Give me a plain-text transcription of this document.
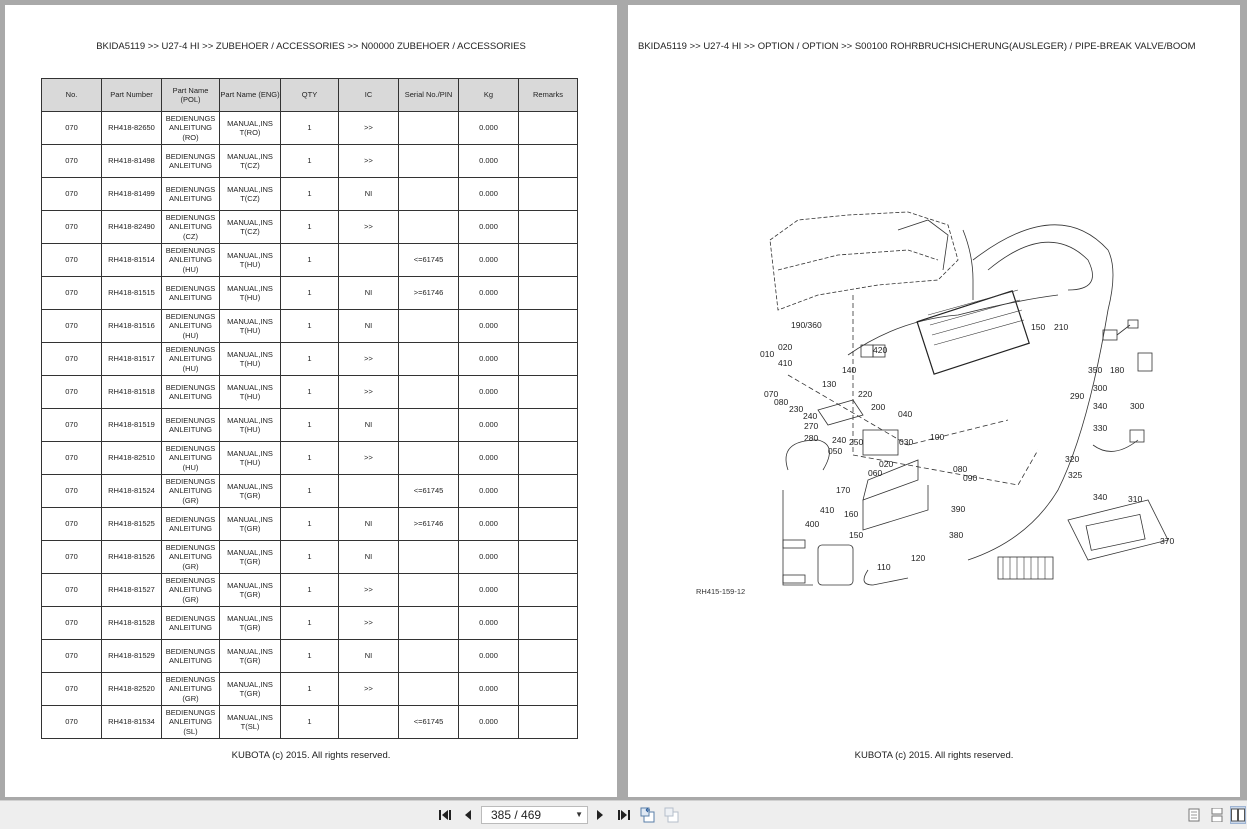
BKIDA5119 >> U27-4 HI >> ZUBEHOER / ACCESSORIES >> N00000 ZUBEHOER / ACCESSORIES
No.	Part Number	Part Name (POL)	Part Name (ENG)	QTY	IC	Serial No./PIN	Kg	Remarks
070	RH418-82650	BEDIENUNGS ANLEITUNG (RO)	MANUAL,INS T(RO)	1	>>		0.000	
070	RH418-81498	BEDIENUNGS ANLEITUNG	MANUAL,INS T(CZ)	1	>>		0.000	
070	RH418-81499	BEDIENUNGS ANLEITUNG	MANUAL,INS T(CZ)	1	NI		0.000	
070	RH418-82490	BEDIENUNGS ANLEITUNG (CZ)	MANUAL,INS T(CZ)	1	>>		0.000	
070	RH418-81514	BEDIENUNGS ANLEITUNG (HU)	MANUAL,INS T(HU)	1		<=61745	0.000	
070	RH418-81515	BEDIENUNGS ANLEITUNG	MANUAL,INS T(HU)	1	NI	>=61746	0.000	
070	RH418-81516	BEDIENUNGS ANLEITUNG (HU)	MANUAL,INS T(HU)	1	NI		0.000	
070	RH418-81517	BEDIENUNGS ANLEITUNG (HU)	MANUAL,INS T(HU)	1	>>		0.000	
070	RH418-81518	BEDIENUNGS ANLEITUNG	MANUAL,INS T(HU)	1	>>		0.000	
070	RH418-81519	BEDIENUNGS ANLEITUNG	MANUAL,INS T(HU)	1	NI		0.000	
070	RH418-82510	BEDIENUNGS ANLEITUNG (HU)	MANUAL,INS T(HU)	1	>>		0.000	
070	RH418-81524	BEDIENUNGS ANLEITUNG (GR)	MANUAL,INS T(GR)	1		<=61745	0.000	
070	RH418-81525	BEDIENUNGS ANLEITUNG	MANUAL,INS T(GR)	1	NI	>=61746	0.000	
070	RH418-81526	BEDIENUNGS ANLEITUNG (GR)	MANUAL,INS T(GR)	1	NI		0.000	
070	RH418-81527	BEDIENUNGS ANLEITUNG (GR)	MANUAL,INS T(GR)	1	>>		0.000	
070	RH418-81528	BEDIENUNGS ANLEITUNG	MANUAL,INS T(GR)	1	>>		0.000	
070	RH418-81529	BEDIENUNGS ANLEITUNG	MANUAL,INS T(GR)	1	NI		0.000	
070	RH418-82520	BEDIENUNGS ANLEITUNG (GR)	MANUAL,INS T(GR)	1	>>		0.000	
070	RH418-81534	BEDIENUNGS ANLEITUNG (SL)	MANUAL,INS T(SL)	1		<=61745	0.000	
KUBOTA (c) 2015. All rights reserved.
BKIDA5119 >> U27-4 HI >> OPTION / OPTION >> S00100 ROHRBRUCHSICHERUNG(AUSLEGER) / PIPE-BREAK VALVE/BOOM
190/360
010
020
410
420
140
130
070
080
230
240
270
280
220
200
040
240 250	030 100
050
020
060	080
090
170
160
410
400
150
390
380
120
110
150 210
350 180
290
300
340	300
330
320
325
340 310
370
RH415-159-12
KUBOTA (c) 2015. All rights reserved.
385 / 469	▼
